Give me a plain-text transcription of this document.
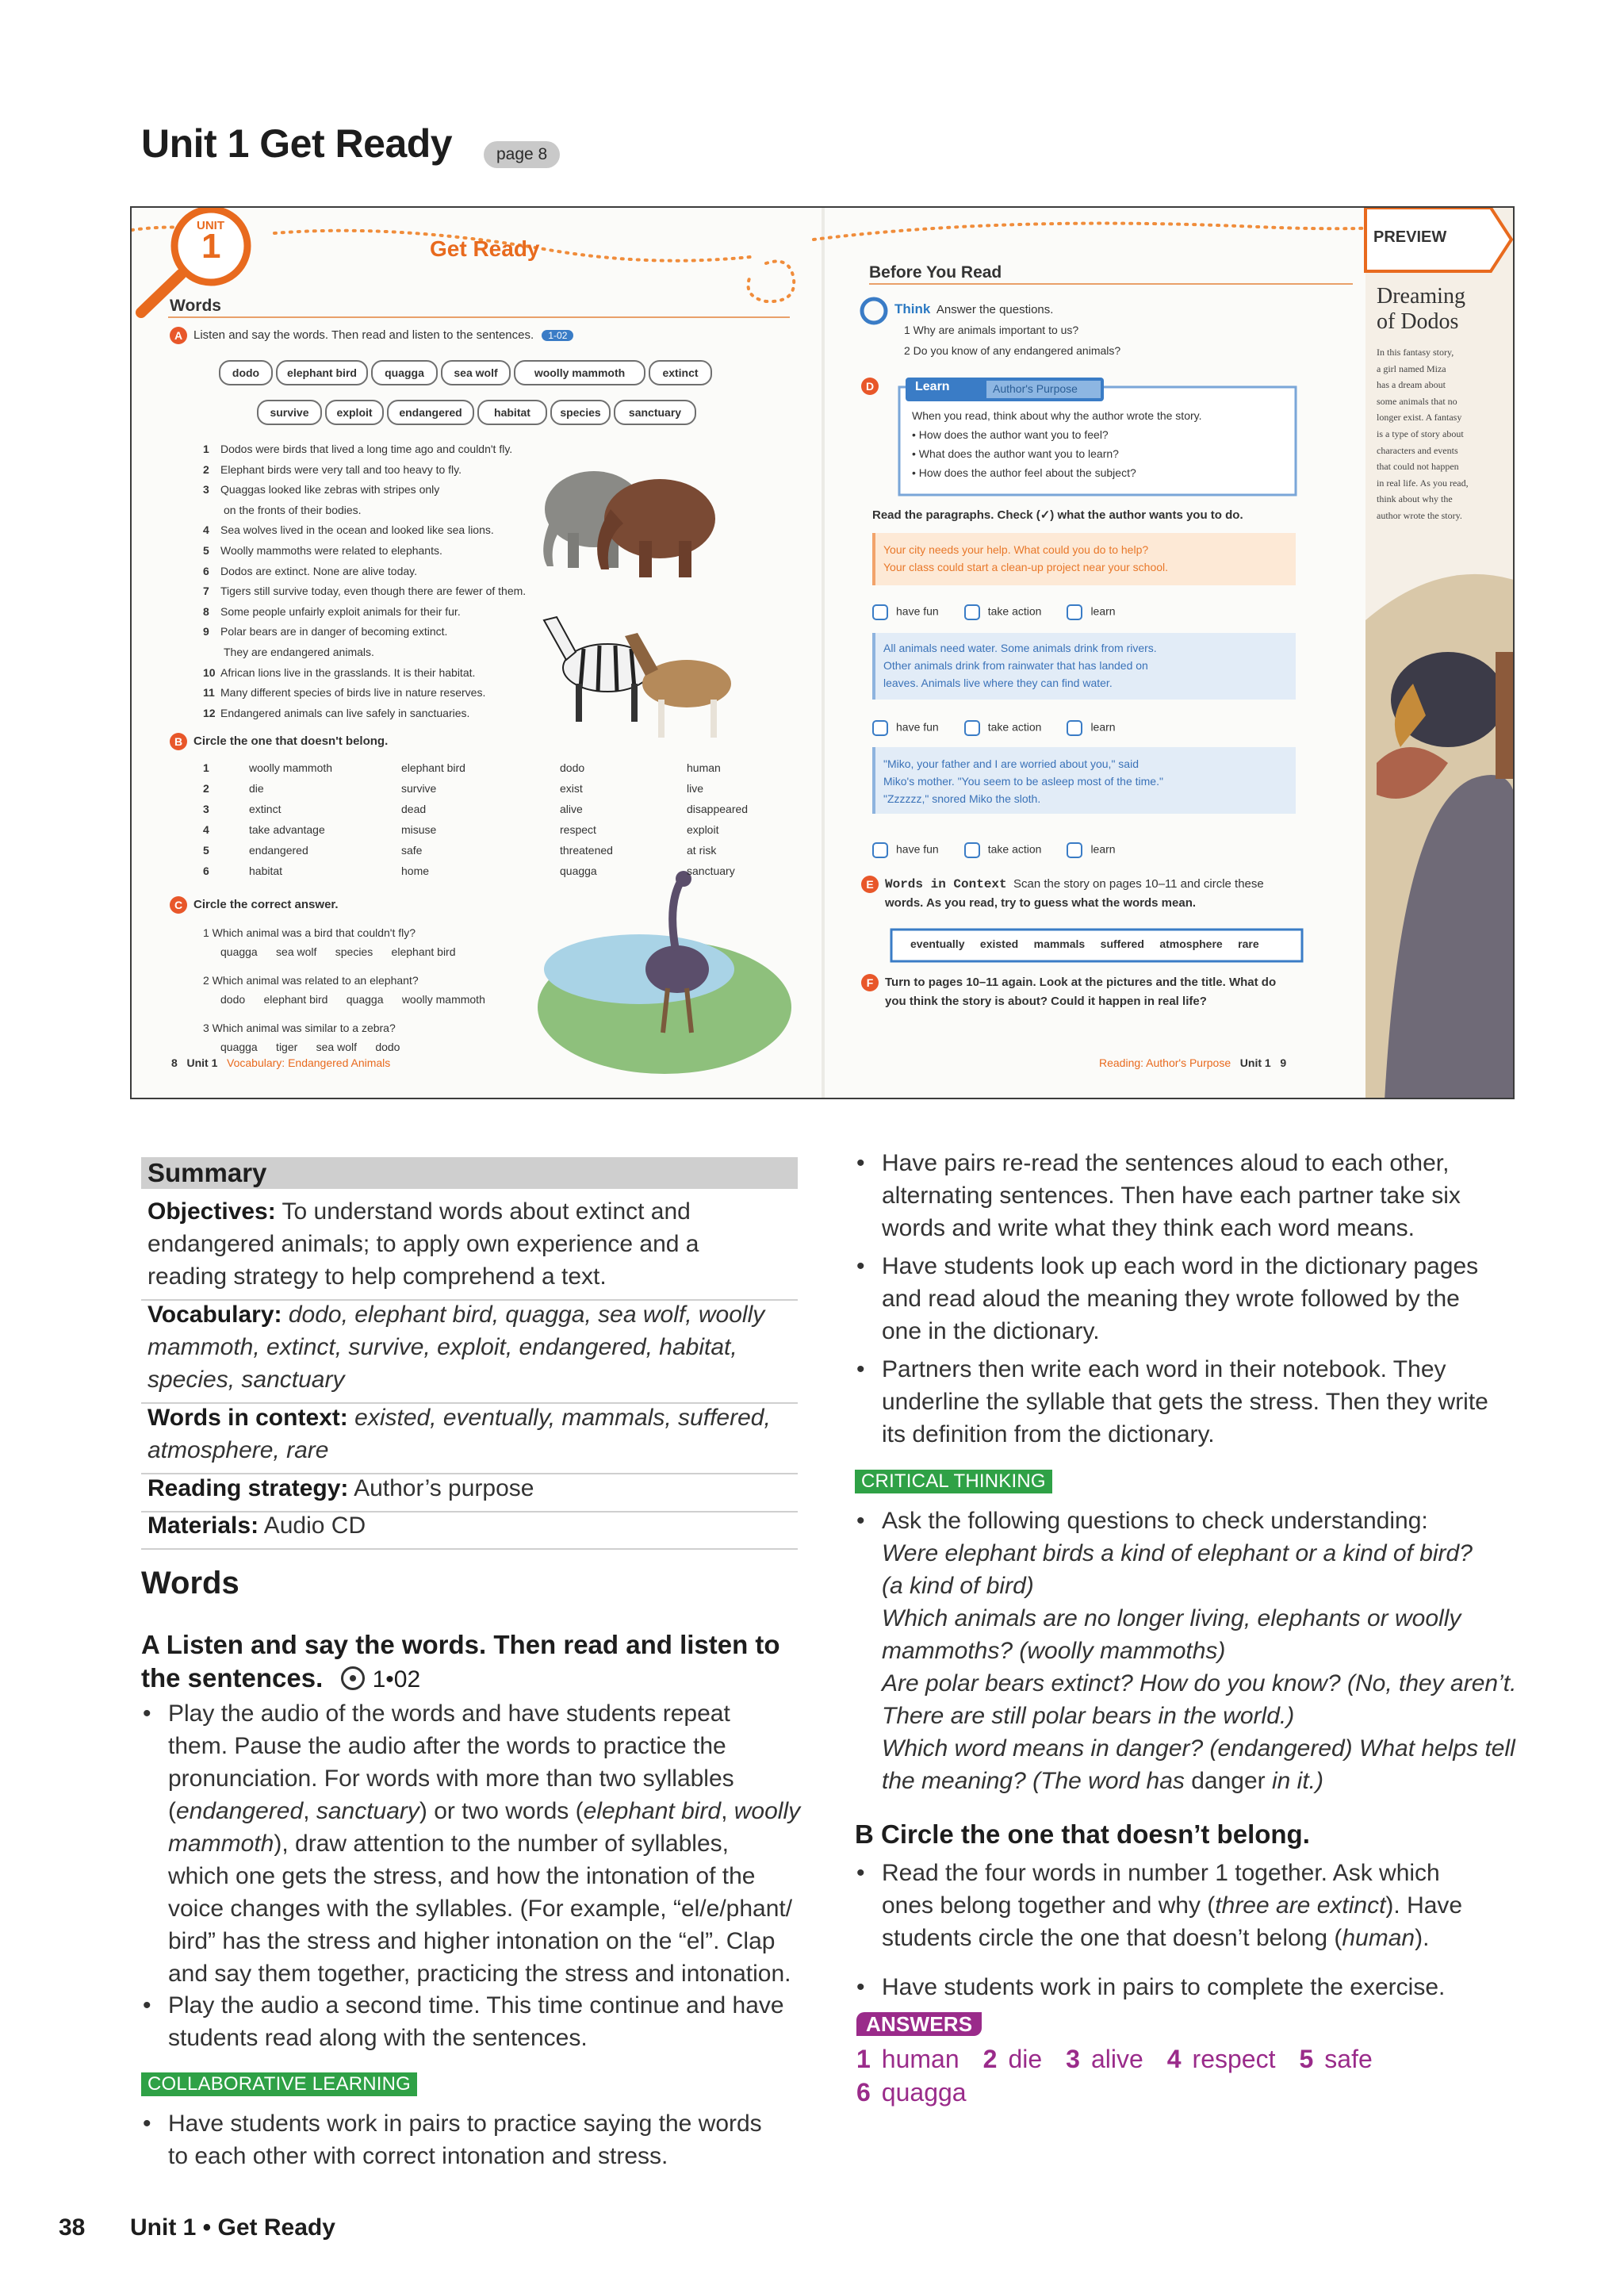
Unit 1 Get Ready	page 8
UNIT
1	Get Ready
Words
A Listen and say the words. Then read and listen to the sentences. 1-02
dodo	elephant bird	quagga	sea wolf	woolly mammoth	extinct
survive	exploit	endangered	habitat	species	sanctuary
1 Dodos were birds that lived a long time ago and couldn't fly.
2 Elephant birds were very tall and too heavy to fly.
3 Quaggas looked like zebras with stripes only
on the fronts of their bodies.
4 Sea wolves lived in the ocean and looked like sea lions.
5 Woolly mammoths were related to elephants.
6 Dodos are extinct. None are alive today.
7 Tigers still survive today, even though there are fewer of them.
8 Some people unfairly exploit animals for their fur.
9 Polar bears are in danger of becoming extinct.
They are endangered animals.
10 African lions live in the grasslands. It is their habitat.
11 Many different species of birds live in nature reserves.
12 Endangered animals can live safely in sanctuaries.
B Circle the one that doesn't belong.
1	woolly mammoth	elephant bird	dodo	human
2	die	survive	exist	live
3	extinct	dead	alive	disappeared
4	take advantage	misuse	respect	exploit
5	endangered	safe	threatened	at risk
6	habitat	home	quagga	sanctuary
C Circle the correct answer.
1 Which animal was a bird that couldn't fly?
quagga      sea wolf      species      elephant bird
2 Which animal was related to an elephant?
dodo      elephant bird      quagga      woolly mammoth
3 Which animal was similar to a zebra?
quagga      tiger      sea wolf      dodo
8 Unit 1 Vocabulary: Endangered Animals
Before You Read
Think Answer the questions.
1 Why are animals important to us?
2 Do you know of any endangered animals?
D	Learn	Author's Purpose
When you read, think about why the author wrote the story.
• How does the author want you to feel?
• What does the author want you to learn?
• How does the author feel about the subject?
Read the paragraphs. Check (✓) what the author wants you to do.
Your city needs your help. What could you do to help?
Your class could start a clean-up project near your school.
have fun	take action	learn
All animals need water. Some animals drink from rivers.
Other animals drink from rainwater that has landed on
leaves. Animals live where they can find water.
have fun	take action	learn
"Miko, your father and I are worried about you," said
Miko's mother. "You seem to be asleep most of the time."
"Zzzzzz," snored Miko the sloth.
have fun	take action	learn
E Words in Context Scan the story on pages 10–11 and circle these
words. As you read, try to guess what the words mean.
eventually     existed     mammals     suffered     atmosphere     rare
F Turn to pages 10–11 again. Look at the pictures and the title. What do
you think the story is about? Could it happen in real life?
Reading: Author's Purpose Unit 1 9
PREVIEW
Dreaming
of Dodos
In this fantasy story,
a girl named Miza
has a dream about
some animals that no
longer exist. A fantasy
is a type of story about
characters and events
that could not happen
in real life. As you read,
think about why the
author wrote the story.
Summary
Objectives: To understand words about extinct and
endangered animals; to apply own experience and a
reading strategy to help comprehend a text.
Vocabulary: dodo, elephant bird, quagga, sea wolf, woolly
mammoth, extinct, survive, exploit, endangered, habitat,
species, sanctuary
Words in context: existed, eventually, mammals, suffered,
atmosphere, rare
Reading strategy: Author’s purpose
Materials: Audio CD
Words
A Listen and say the words. Then read and listen to
the sentences. 1•02
• Play the audio of the words and have students repeat
them. Pause the audio after the words to practice the
pronunciation. For words with more than two syllables
(endangered, sanctuary) or two words (elephant bird, woolly
mammoth), draw attention to the number of syllables,
which one gets the stress, and how the intonation of the
voice changes with the syllables. (For example, “el/e/phant/
bird” has the stress and higher intonation on the “el”. Clap
and say them together, practicing the stress and intonation.
• Play the audio a second time. This time continue and have
students read along with the sentences.
COLLABORATIVE LEARNING
• Have students work in pairs to practice saying the words
to each other with correct intonation and stress.
• Have pairs re-read the sentences aloud to each other,
alternating sentences. Then have each partner take six
words and write what they think each word means.
• Have students look up each word in the dictionary pages
and read aloud the meaning they wrote followed by the
one in the dictionary.
• Partners then write each word in their notebook. They
underline the syllable that gets the stress. Then they write
its definition from the dictionary.
CRITICAL THINKING
• Ask the following questions to check understanding:
Were elephant birds a kind of elephant or a kind of bird?
(a kind of bird)
Which animals are no longer living, elephants or woolly
mammoths? (woolly mammoths)
Are polar bears extinct? How do you know? (No, they aren’t.
There are still polar bears in the world.)
Which word means in danger? (endangered) What helps tell
the meaning? (The word has danger in it.)
B Circle the one that doesn’t belong.
• Read the four words in number 1 together. Ask which
ones belong together and why (three are extinct). Have
students circle the one that doesn’t belong (human).
• Have students work in pairs to complete the exercise.
ANSWERS
1 human 2 die 3 alive 4 respect 5 safe
6 quagga
38 Unit 1 • Get Ready
